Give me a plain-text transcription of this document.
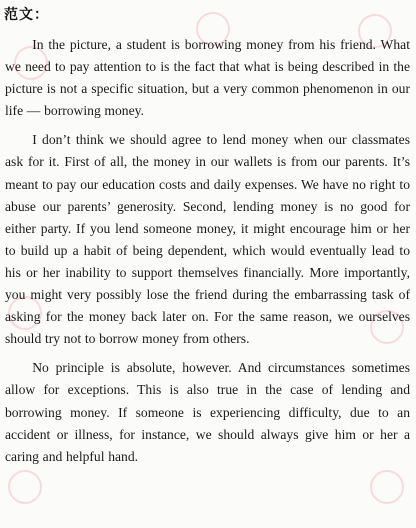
范文：

In the picture, a student is borrowing money from his friend. What we need to pay attention to is the fact that what is being described in the picture is not a specific situation, but a very common phenomenon in our life — borrowing money.

I don’t think we should agree to lend money when our classmates ask for it. First of all, the money in our wallets is from our parents. It’s meant to pay our education costs and daily expenses. We have no right to abuse our parents’ generosity. Second, lending money is no good for either party. If you lend someone money, it might encourage him or her to build up a habit of being dependent, which would eventually lead to his or her inability to support themselves financially. More importantly, you might very possibly lose the friend during the embarrassing task of asking for the money back later on. For the same reason, we ourselves should try not to borrow money from others.

No principle is absolute, however. And circumstances sometimes allow for exceptions. This is also true in the case of lending and borrowing money. If someone is experiencing difficulty, due to an accident or illness, for instance, we should always give him or her a caring and helpful hand.
